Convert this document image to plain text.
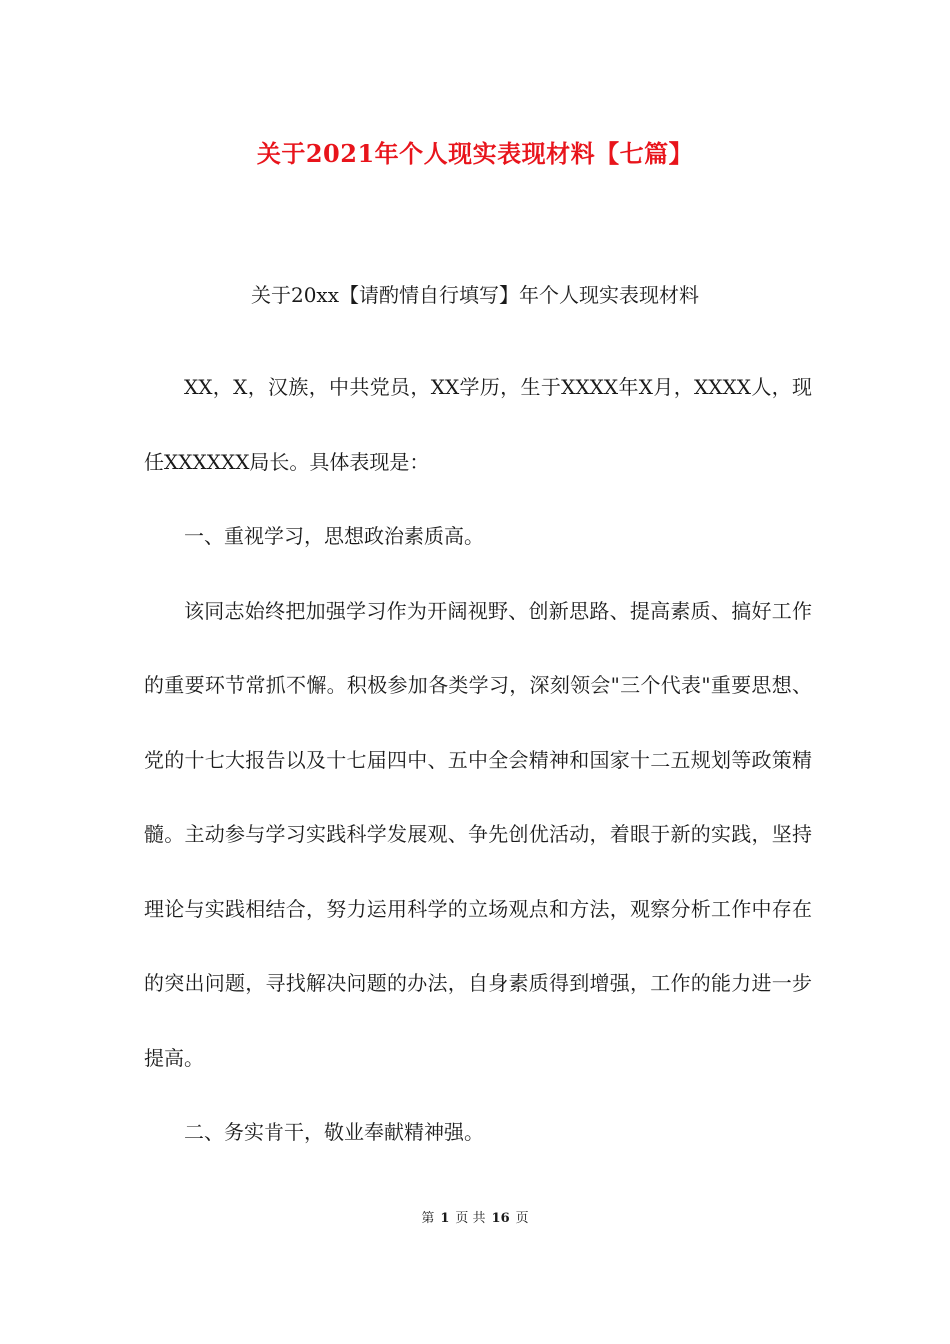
关于2021年个人现实表现材料【七篇】
关于20xx【请酌情自行填写】年个人现实表现材料

XX，X，汉族，中共党员，XX学历，生于XXXX年X月，XXXX人，现任XXXXXX局长。具体表现是：

一、重视学习，思想政治素质高。

该同志始终把加强学习作为开阔视野、创新思路、提高素质、搞好工作的重要环节常抓不懈。积极参加各类学习，深刻领会"三个代表"重要思想、党的十七大报告以及十七届四中、五中全会精神和国家十二五规划等政策精髓。主动参与学习实践科学发展观、争先创优活动，着眼于新的实践，坚持理论与实践相结合，努力运用科学的立场观点和方法，观察分析工作中存在的突出问题，寻找解决问题的办法，自身素质得到增强，工作的能力进一步提高。

二、务实肯干，敬业奉献精神强。

第 1 页 共 16 页
